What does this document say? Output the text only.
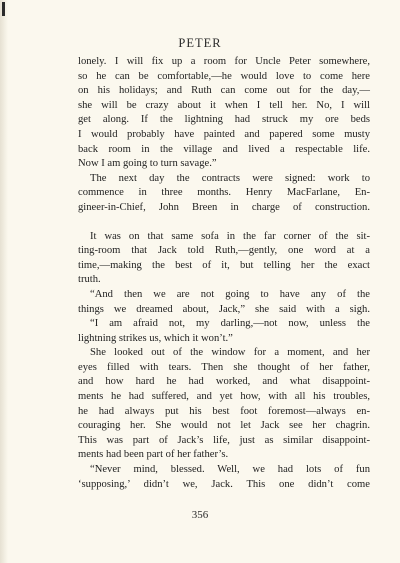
PETER
lonely. I will fix up a room for Uncle Peter somewhere,
so he can be comfortable,—he would love to come here
on his holidays; and Ruth can come out for the day,—
she will be crazy about it when I tell her. No, I will
get along. If the lightning had struck my ore beds
I would probably have painted and papered some musty
back room in the village and lived a respectable life.
Now I am going to turn savage.”
The next day the contracts were signed: work to
commence in three months. Henry MacFarlane, En-
gineer-in-Chief, John Breen in charge of construction.
It was on that same sofa in the far corner of the sit-
ting-room that Jack told Ruth,—gently, one word at a
time,—making the best of it, but telling her the exact
truth.
“And then we are not going to have any of the
things we dreamed about, Jack,” she said with a sigh.
“I am afraid not, my darling,—not now, unless the
lightning strikes us, which it won’t.”
She looked out of the window for a moment, and her
eyes filled with tears. Then she thought of her father,
and how hard he had worked, and what disappoint-
ments he had suffered, and yet how, with all his troubles,
he had always put his best foot foremost—always en-
couraging her. She would not let Jack see her chagrin.
This was part of Jack’s life, just as similar disappoint-
ments had been part of her father’s.
“Never mind, blessed. Well, we had lots of fun
‘supposing,’ didn’t we, Jack. This one didn’t come
356
